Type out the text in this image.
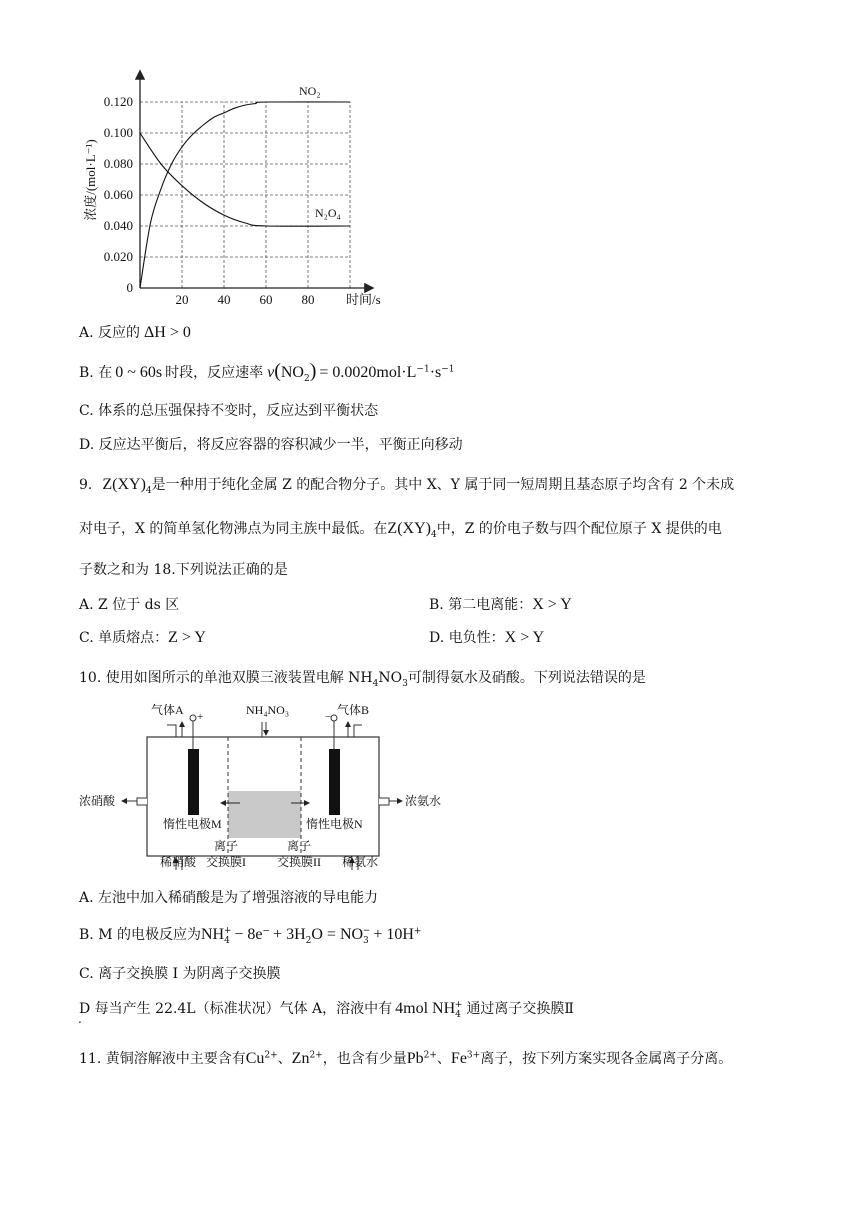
0.120
0.100
0.080
0.060
0.040
0.020
0
20 40 60 80
浓度/(mol·L⁻¹)
时间/s
NO₂
N₂O₄
A. 反应的 ΔH > 0
B. 在 0 ~ 60s 时段，反应速率 $v(NO_2) = 0.0020mol\cdot L^{-1}\cdot s^{-1}$
C. 体系的总压强保持不变时，反应达到平衡状态
D. 反应达平衡后，将反应容器的容积减少一半，平衡正向移动
9. $Z(XY)_4$是一种用于纯化金属 Z 的配合物分子。其中 X、Y 属于同一短周期且基态原子均含有 2 个未成
对电子，X 的简单氢化物沸点为同主族中最低。在$Z(XY)_4$中，Z 的价电子数与四个配位原子 X 提供的电
子数之和为 18.下列说法正确的是
A. Z 位于 ds 区	B. 第二电离能：X > Y
C. 单质熔点：Z > Y	D. 电负性：X > Y
10. 使用如图所示的单池双膜三液装置电解 $NH_4NO_3$可制得氨水及硝酸。下列说法错误的是
气体A +	NH₄NO₃	− 气体B
浓硝酸	浓氨水
惰性电极M	惰性电极N
稀硝酸
离子
交换膜I
离子
交换膜II 稀氨水
A. 左池中加入稀硝酸是为了增强溶液的导电能力
B. M 的电极反应为$NH_4^+ - 8e^- + 3H_2O = NO_3^- + 10H^+$
C. 离子交换膜 I 为阴离子交换膜
D 每当产生 22.4L（标准状况）气体 A，溶液中有 4mol $NH_4^+$ 通过离子交换膜Ⅱ
.
11. 黄铜溶解液中主要含有$Cu^{2+}$、$Zn^{2+}$，也含有少量$Pb^{2+}$、$Fe^{3+}$离子，按下列方案实现各金属离子分离。
